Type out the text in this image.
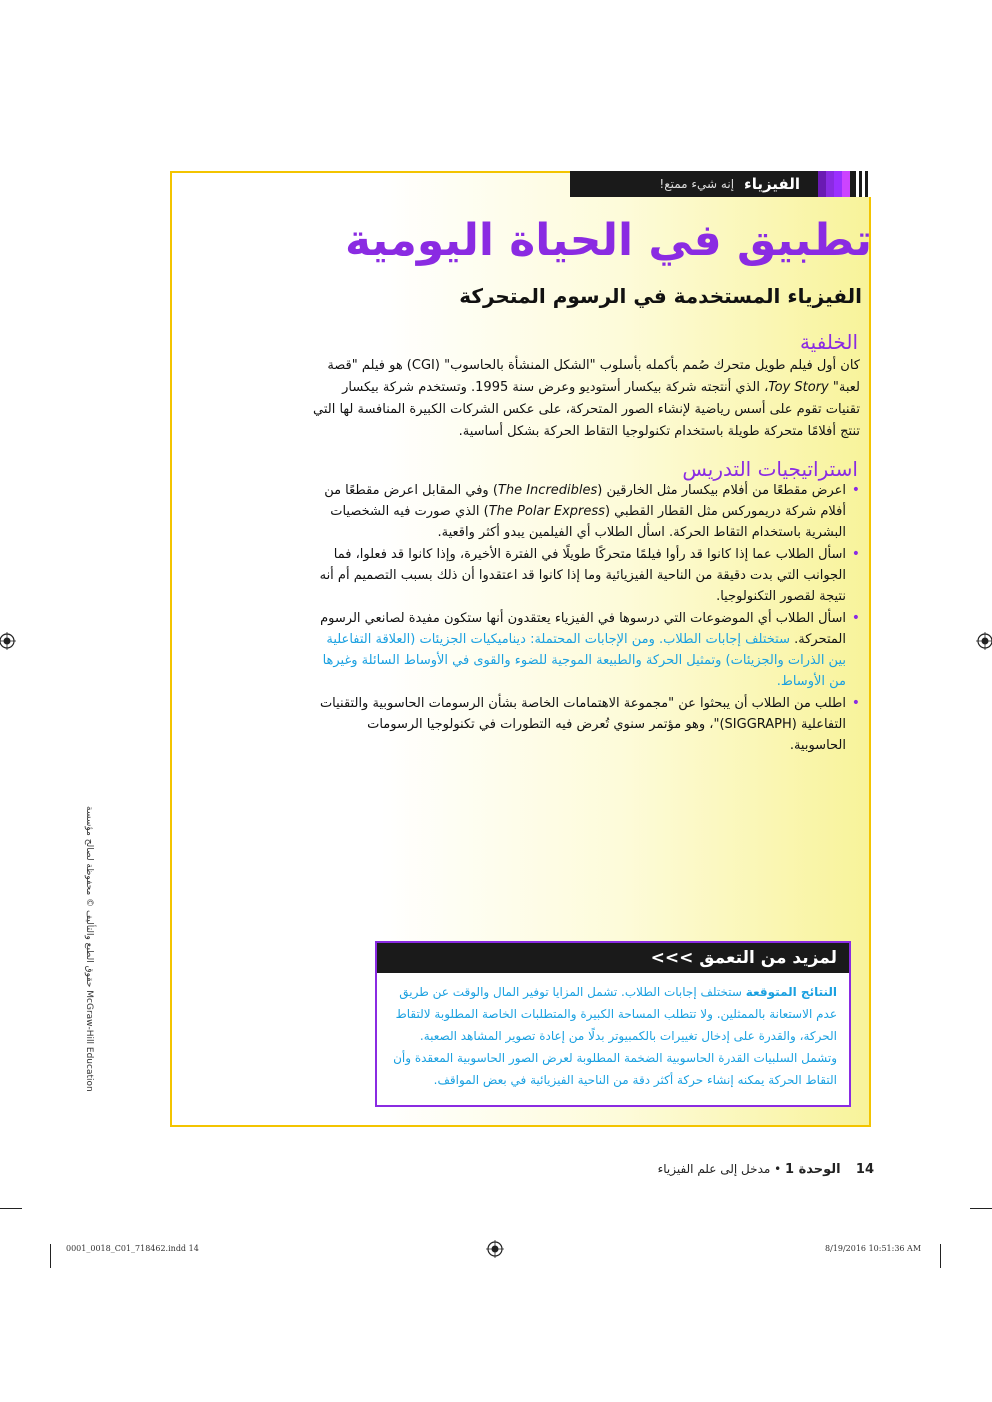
الفيزياء
إنه شيء ممتع!
تطبيق في الحياة اليومية
الفيزياء المستخدمة في الرسوم المتحركة
الخلفية

كان أول فيلم طويل متحرك صُمم بأكمله بأسلوب "الشكل المنشأة بالحاسوب" (CGI) هو فيلم "قصة لعبة" Toy Story، الذي أنتجته شركة بيكسار أستوديو وعرض سنة 1995. وتستخدم شركة بيكسار تقنيات تقوم على أسس رياضية لإنشاء الصور المتحركة، على عكس الشركات الكبيرة المنافسة لها التي تنتج أفلامًا متحركة طويلة باستخدام تكنولوجيا التقاط الحركة بشكل أساسية.

استراتيجيات التدريس
• اعرض مقطعًا من أفلام بيكسار مثل الخارقين (The Incredibles) وفي المقابل اعرض مقطعًا من أفلام شركة دريموركس مثل القطار القطبي (The Polar Express) الذي صورت فيه الشخصيات البشرية باستخدام التقاط الحركة. اسأل الطلاب أي الفيلمين يبدو أكثر واقعية.
• اسأل الطلاب عما إذا كانوا قد رأوا فيلمًا متحركًا طويلًا في الفترة الأخيرة، وإذا كانوا قد فعلوا، فما الجوانب التي بدت دقيقة من الناحية الفيزيائية وما إذا كانوا قد اعتقدوا أن ذلك بسبب التصميم أم أنه نتيجة لقصور التكنولوجيا.
• اسأل الطلاب أي الموضوعات التي درسوها في الفيزياء يعتقدون أنها ستكون مفيدة لصانعي الرسوم المتحركة. ستختلف إجابات الطلاب. ومن الإجابات المحتملة: ديناميكيات الجزيئات (العلاقة التفاعلية بين الذرات والجزيئات) وتمثيل الحركة والطبيعة الموجية للضوء والقوى في الأوساط السائلة وغيرها من الأوساط.
• اطلب من الطلاب أن يبحثوا عن "مجموعة الاهتمامات الخاصة بشأن الرسومات الحاسوبية والتقنيات التفاعلية (SIGGRAPH)"، وهو مؤتمر سنوي تُعرض فيه التطورات في تكنولوجيا الرسومات الحاسوبية.
لمزيد من التعمق >>>
النتائج المتوقعة ستختلف إجابات الطلاب. تشمل المزايا توفير المال والوقت عن طريق عدم الاستعانة بالممثلين. ولا تتطلب المساحة الكبيرة والمتطلبات الخاصة المطلوبة لالتقاط الحركة، والقدرة على إدخال تغييرات بالكمبيوتر بدلًا من إعادة تصوير المشاهد الصعبة. وتشمل السلبيات القدرة الحاسوبية الضخمة المطلوبة لعرض الصور الحاسوبية المعقدة وأن التقاط الحركة يمكنه إنشاء حركة أكثر دقة من الناحية الفيزيائية في بعض المواقف.
14    الوحدة 1 • مدخل إلى علم الفيزياء
حقوق الطبع والتأليف © محفوظة لصالح مؤسسة McGraw-Hill Education
0001_0018_C01_718462.indd 14	8/19/2016 10:51:36 AM
